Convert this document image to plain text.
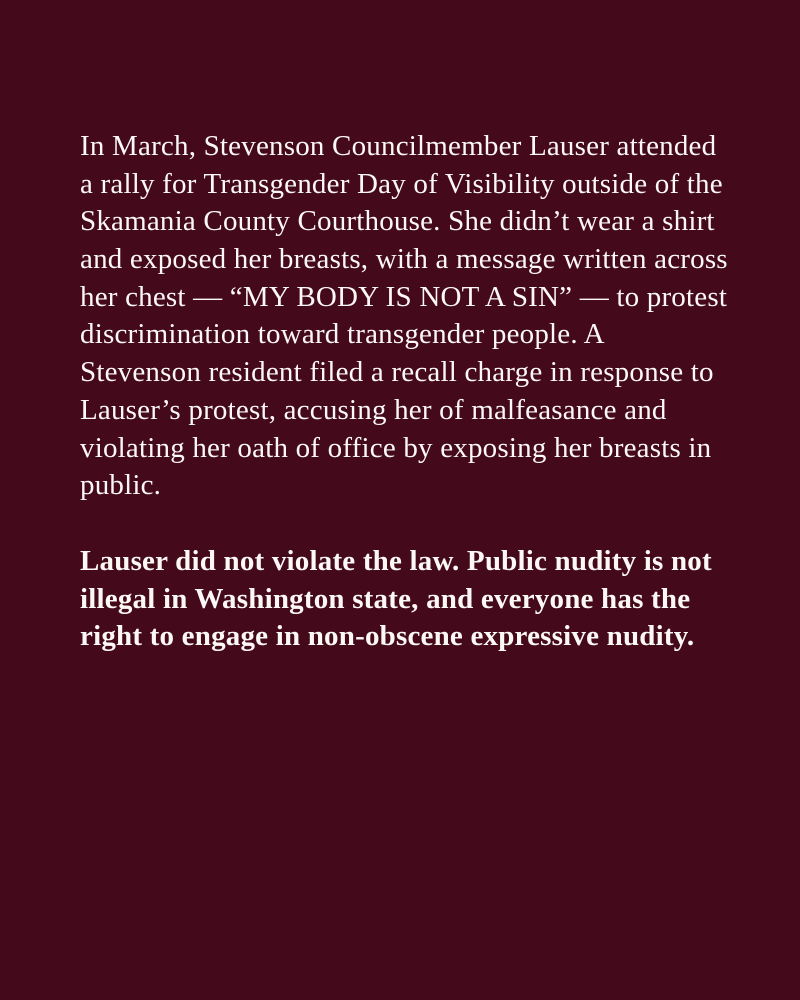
In March, Stevenson Councilmember Lauser attended a rally for Transgender Day of Visibility outside of the Skamania County Courthouse. She didn’t wear a shirt and exposed her breasts, with a message written across her chest — “MY BODY IS NOT A SIN” — to protest discrimination toward transgender people. A Stevenson resident filed a recall charge in response to Lauser’s protest, accusing her of malfeasance and violating her oath of office by exposing her breasts in public.

Lauser did not violate the law. Public nudity is not illegal in Washington state, and everyone has the right to engage in non-obscene expressive nudity.
